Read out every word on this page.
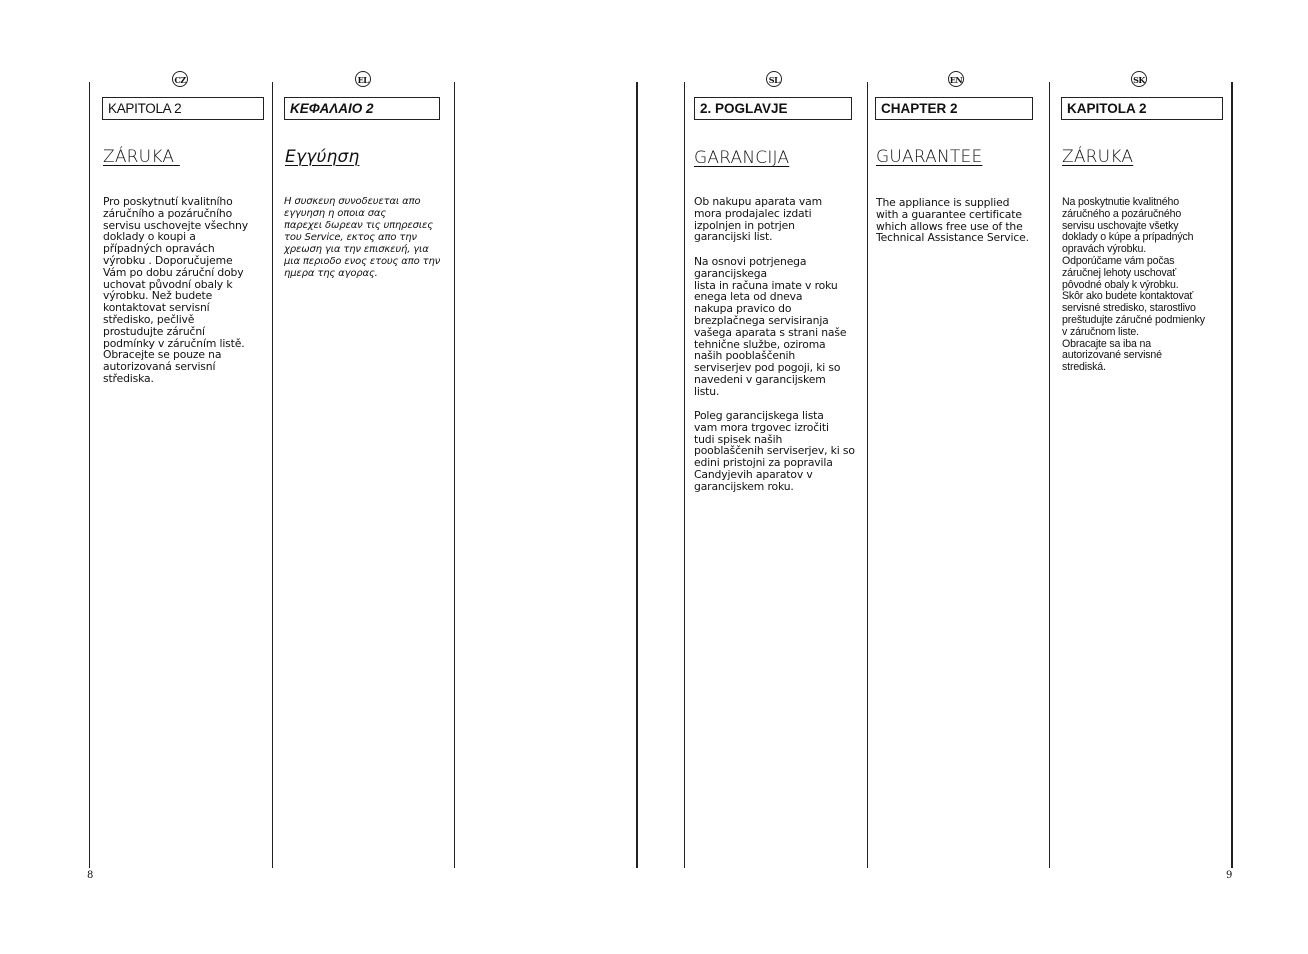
CZ
KAPITOLA 2
ZÁRUKA
Pro poskytnutí kvalitního
záručního a pozáručního
servisu uschovejte všechny
doklady o koupi a
případných opravách
výrobku . Doporučujeme
Vám po dobu záruční doby
uchovat původní obaly k
výrobku. Než budete
kontaktovat servisní
středisko, pečlivě
prostudujte záruční
podmínky v záručním listě.
Obracejte se pouze na
autorizovaná servisní
střediska.
EL
ΚΕΦΑΛΑΙΟ 2
Εγγύηση
Η συσκευη συνοδευεται απο
εγγυηση η οποια σας
παρεχει δωρεαν τις υπηρεσιες
του Service, εκτος απο την
χρεωση για την επισκευή, για
μια περιοδο ενος ετους απο την
ημερα της αγορας.
SL
2. POGLAVJE
GARANCIJA
Ob nakupu aparata vam
mora prodajalec izdati
izpolnjen in potrjen
garancijski list.
Na osnovi potrjenega
garancijskega
lista in računa imate v roku
enega leta od dneva
nakupa pravico do
brezplačnega servisiranja
vašega aparata s strani naše
tehnične službe, oziroma
naših pooblaščenih
serviserjev pod pogoji, ki so
navedeni v garancijskem
listu.
Poleg garancijskega lista
vam mora trgovec izročiti
tudi spisek naših
pooblaščenih serviserjev, ki so
edini pristojni za popravila
Candyjevih aparatov v
garancijskem roku.
EN
CHAPTER 2
GUARANTEE
The appliance is supplied
with a guarantee certificate
which allows free use of the
Technical Assistance Service.
SK
KAPITOLA 2
ZÁRUKA
Na poskytnutie kvalitného
záručného a pozáručného
servisu uschovajte všetky
doklady o kúpe a prípadných
opravách výrobku.
Odporúčame vám počas
záručnej lehoty uschovať
pôvodné obaly k výrobku.
Skôr ako budete kontaktovať
servisné stredisko, starostlivo
preštudujte záručné podmienky
v záručnom liste.
Obracajte sa iba na
autorizované servisné
strediská.
8	9
